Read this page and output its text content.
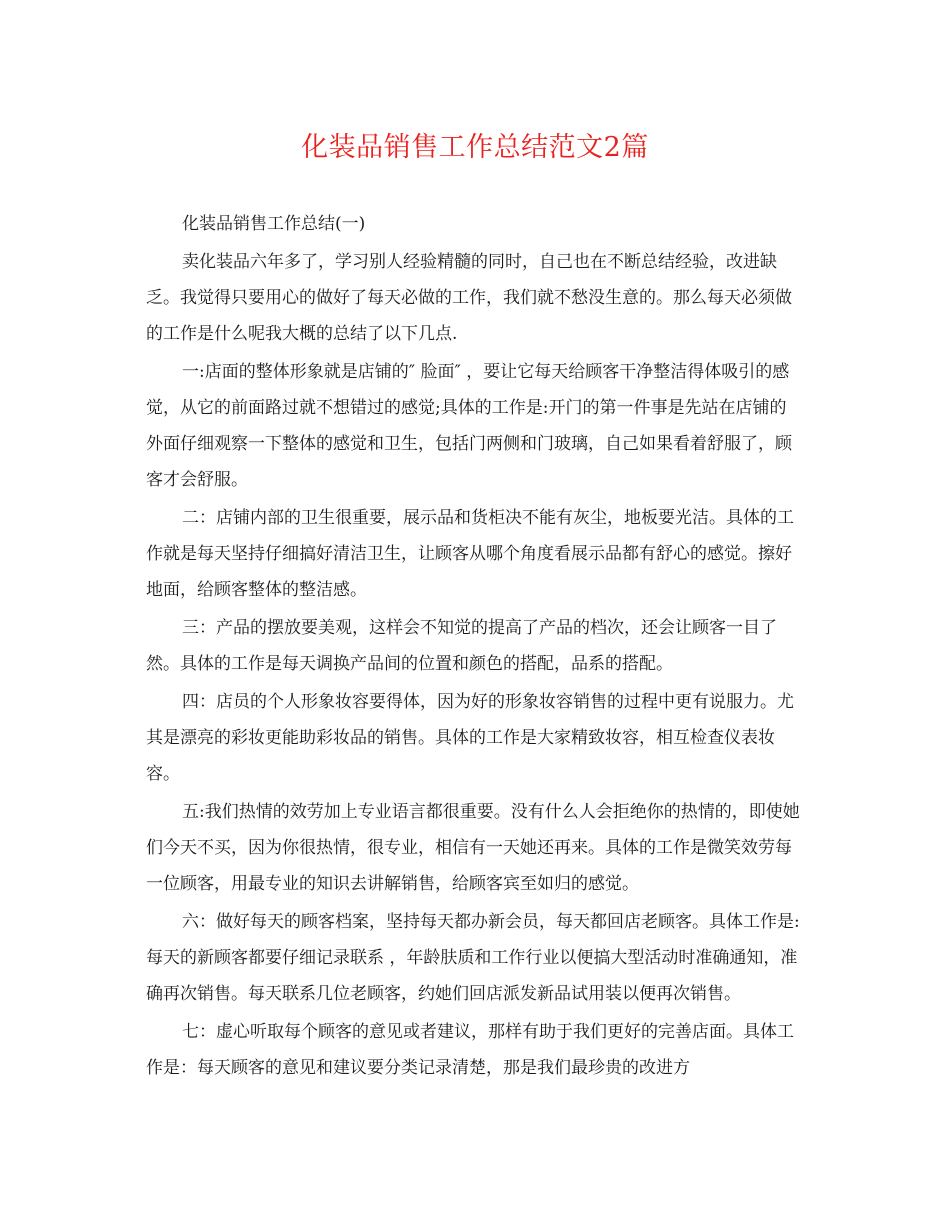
化装品销售工作总结范文2篇

化装品销售工作总结(一)

卖化装品六年多了，学习别人经验精髓的同时，自己也在不断总结经验，改进缺乏。我觉得只要用心的做好了每天必做的工作，我们就不愁没生意的。那么每天必须做的工作是什么呢我大概的总结了以下几点.

一:店面的整体形象就是店铺的″ 脸面″ ，要让它每天给顾客干净整洁得体吸引的感觉，从它的前面路过就不想错过的感觉;具体的工作是:开门的第一件事是先站在店铺的外面仔细观察一下整体的感觉和卫生，包括门两侧和门玻璃，自己如果看着舒服了，顾客才会舒服。

二：店铺内部的卫生很重要，展示品和货柜决不能有灰尘，地板要光洁。具体的工作就是每天坚持仔细搞好清洁卫生，让顾客从哪个角度看展示品都有舒心的感觉。擦好地面，给顾客整体的整洁感。

三：产品的摆放要美观，这样会不知觉的提高了产品的档次，还会让顾客一目了然。具体的工作是每天调换产品间的位置和颜色的搭配，品系的搭配。

四：店员的个人形象妆容要得体，因为好的形象妆容销售的过程中更有说服力。尤其是漂亮的彩妆更能助彩妆品的销售。具体的工作是大家精致妆容，相互检查仪表妆容。

五:我们热情的效劳加上专业语言都很重要。没有什么人会拒绝你的热情的，即使她们今天不买，因为你很热情，很专业，相信有一天她还再来。具体的工作是微笑效劳每一位顾客，用最专业的知识去讲解销售，给顾客宾至如归的感觉。

六：做好每天的顾客档案，坚持每天都办新会员，每天都回店老顾客。具体工作是:每天的新顾客都要仔细记录联系 ，年龄肤质和工作行业以便搞大型活动时准确通知，准确再次销售。每天联系几位老顾客，约她们回店派发新品试用装以便再次销售。

七：虚心听取每个顾客的意见或者建议，那样有助于我们更好的完善店面。具体工作是：每天顾客的意见和建议要分类记录清楚，那是我们最珍贵的改进方
